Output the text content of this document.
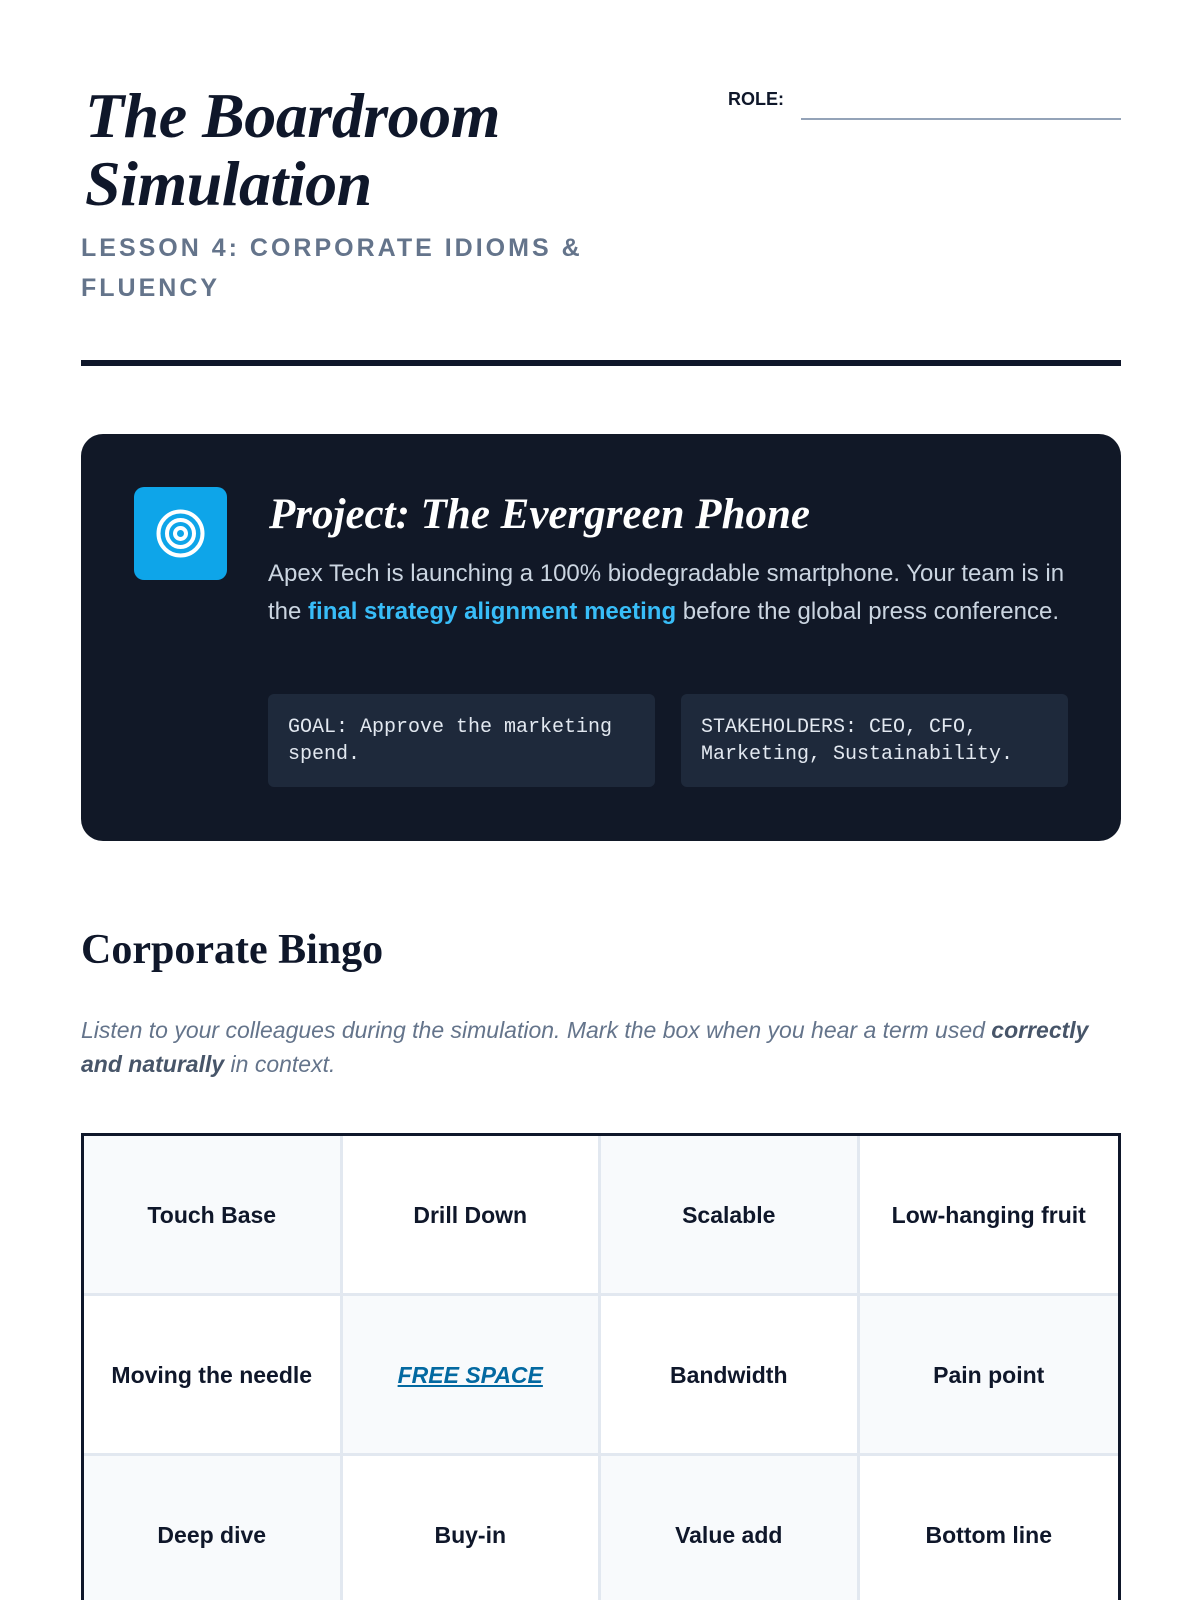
The Boardroom Simulation
LESSON 4: CORPORATE IDIOMS & FLUENCY
ROLE:
Project: The Evergreen Phone

Apex Tech is launching a 100% biodegradable smartphone. Your team is in the final strategy alignment meeting before the global press conference.

GOAL: Approve the marketing spend.
STAKEHOLDERS: CEO, CFO, Marketing, Sustainability.
Corporate Bingo

Listen to your colleagues during the simulation. Mark the box when you hear a term used correctly and naturally in context.

Touch Base	Drill Down	Scalable	Low-hanging fruit
Moving the needle	FREE SPACE	Bandwidth	Pain point
Deep dive	Buy-in	Value add	Bottom line
